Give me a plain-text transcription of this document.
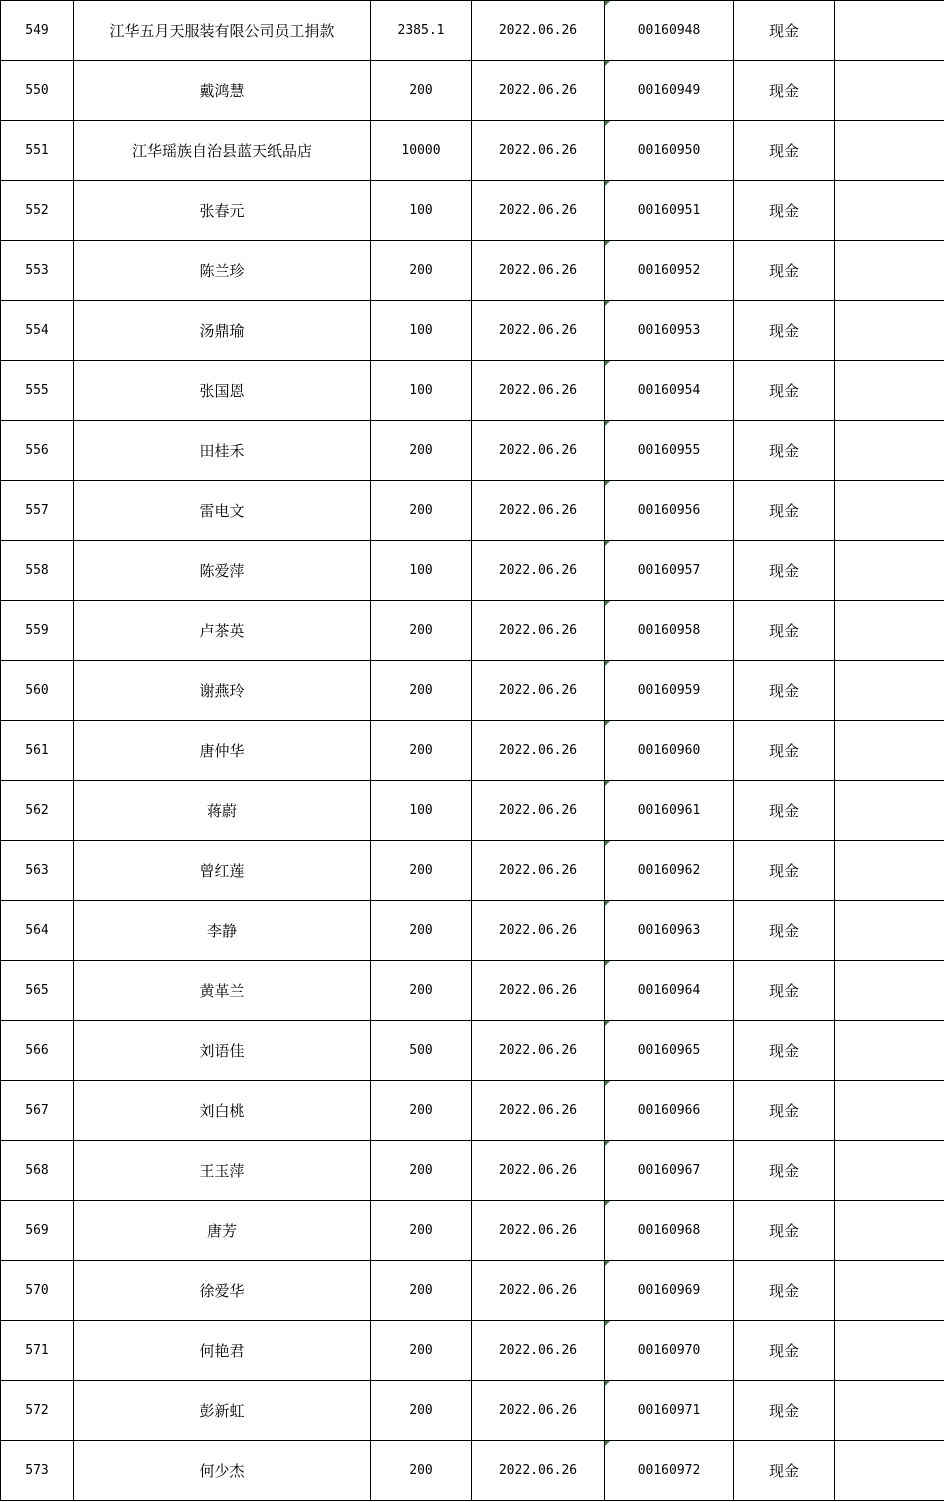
549	江华五月天服装有限公司员工捐款	2385.1	2022.06.26	00160948	现金	
550	戴鸿慧	200	2022.06.26	00160949	现金	
551	江华瑶族自治县蓝天纸品店	10000	2022.06.26	00160950	现金	
552	张春元	100	2022.06.26	00160951	现金	
553	陈兰珍	200	2022.06.26	00160952	现金	
554	汤鼎瑜	100	2022.06.26	00160953	现金	
555	张国恩	100	2022.06.26	00160954	现金	
556	田桂禾	200	2022.06.26	00160955	现金	
557	雷电文	200	2022.06.26	00160956	现金	
558	陈爱萍	100	2022.06.26	00160957	现金	
559	卢茶英	200	2022.06.26	00160958	现金	
560	谢燕玲	200	2022.06.26	00160959	现金	
561	唐仲华	200	2022.06.26	00160960	现金	
562	蒋蔚	100	2022.06.26	00160961	现金	
563	曾红莲	200	2022.06.26	00160962	现金	
564	李静	200	2022.06.26	00160963	现金	
565	黄革兰	200	2022.06.26	00160964	现金	
566	刘语佳	500	2022.06.26	00160965	现金	
567	刘白桃	200	2022.06.26	00160966	现金	
568	王玉萍	200	2022.06.26	00160967	现金	
569	唐芳	200	2022.06.26	00160968	现金	
570	徐爱华	200	2022.06.26	00160969	现金	
571	何艳君	200	2022.06.26	00160970	现金	
572	彭新虹	200	2022.06.26	00160971	现金	
573	何少杰	200	2022.06.26	00160972	现金	
